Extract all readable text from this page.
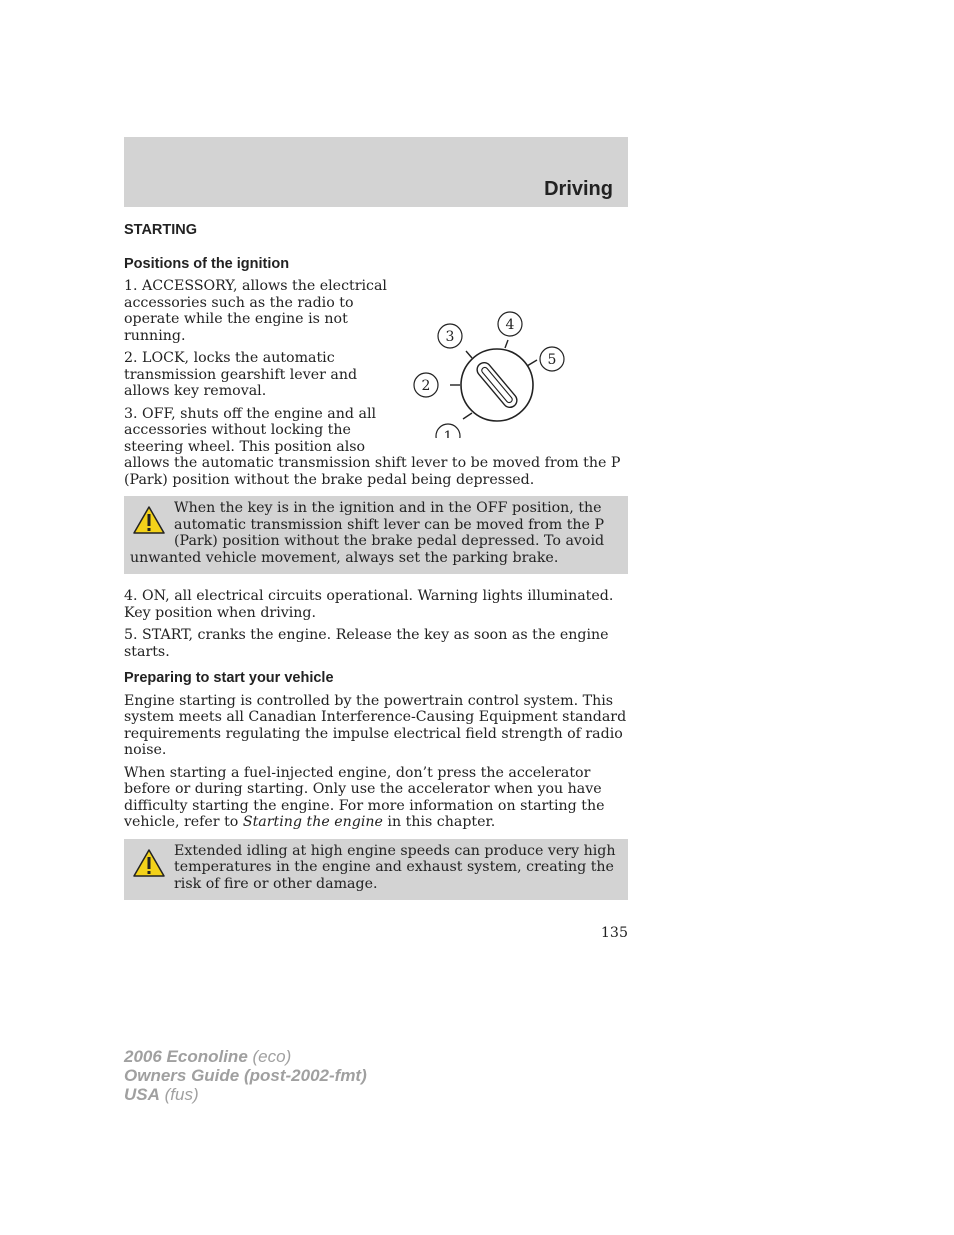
Driving
STARTING
Positions of the ignition
1
2
3
4
5

1. ACCESSORY, allows the electrical accessories such as the radio to operate while the engine is not running.

2. LOCK, locks the automatic transmission gearshift lever and allows key removal.

3. OFF, shuts off the engine and all accessories without locking the steering wheel. This position also allows the automatic transmission shift lever to be moved from the P (Park) position without the brake pedal being depressed.

When the key is in the ignition and in the OFF position, the automatic transmission shift lever can be moved from the P (Park) position without the brake pedal depressed. To avoid unwanted vehicle movement, always set the parking brake.

4. ON, all electrical circuits operational. Warning lights illuminated. Key position when driving.

5. START, cranks the engine. Release the key as soon as the engine starts.

Preparing to start your vehicle

Engine starting is controlled by the powertrain control system. This system meets all Canadian Interference-Causing Equipment standard requirements regulating the impulse electrical field strength of radio noise.

When starting a fuel-injected engine, don’t press the accelerator before or during starting. Only use the accelerator when you have difficulty starting the engine. For more information on starting the vehicle, refer to Starting the engine in this chapter.

Extended idling at high engine speeds can produce very high temperatures in the engine and exhaust system, creating the risk of fire or other damage.

135
2006 Econoline (eco)
Owners Guide (post-2002-fmt)
USA (fus)
